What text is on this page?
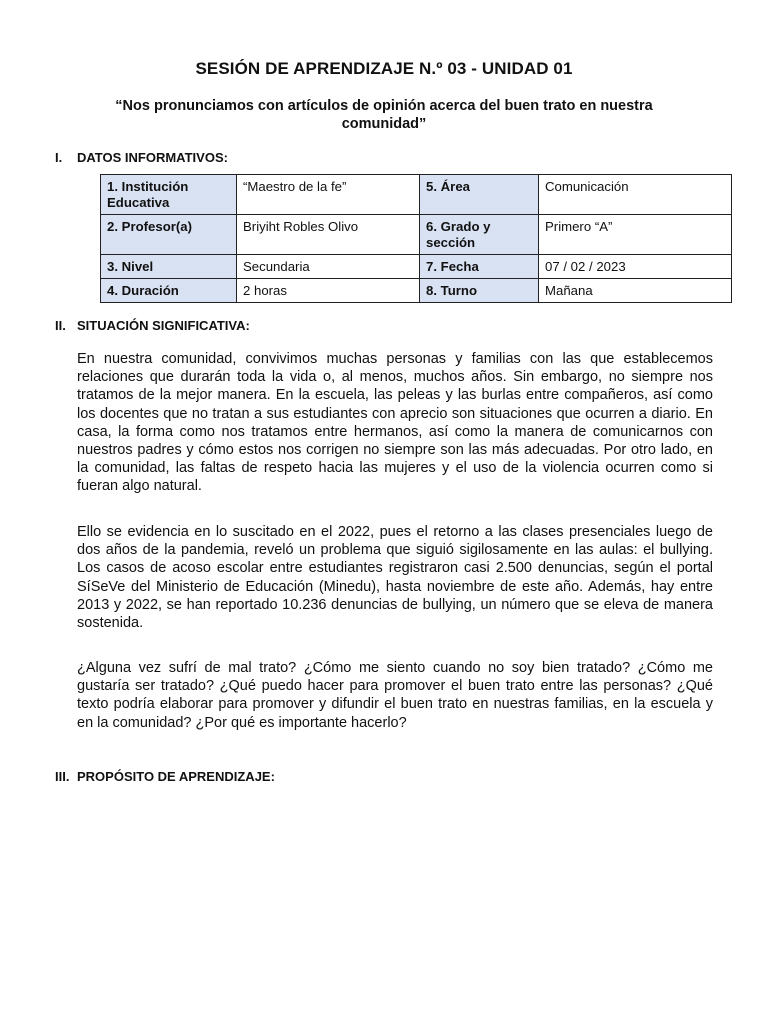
SESIÓN DE APRENDIZAJE N.º 03 - UNIDAD 01
“Nos pronunciamos con artículos de opinión acerca del buen trato en nuestra comunidad”
I. DATOS INFORMATIVOS:
1. Institución Educativa	“Maestro de la fe”	5. Área	Comunicación
2. Profesor(a)	Briyiht Robles Olivo	6. Grado y sección	Primero “A”
3. Nivel	Secundaria	7. Fecha	07 / 02 / 2023
4. Duración	2 horas	8. Turno	Mañana
II. SITUACIÓN SIGNIFICATIVA:
En nuestra comunidad, convivimos muchas personas y familias con las que establecemos relaciones que durarán toda la vida o, al menos, muchos años. Sin embargo, no siempre nos tratamos de la mejor manera. En la escuela, las peleas y las burlas entre compañeros, así como los docentes que no tratan a sus estudiantes con aprecio son situaciones que ocurren a diario. En casa, la forma como nos tratamos entre hermanos, así como la manera de comunicarnos con nuestros padres y cómo estos nos corrigen no siempre son las más adecuadas. Por otro lado, en la comunidad, las faltas de respeto hacia las mujeres y el uso de la violencia ocurren como si fueran algo natural.
Ello se evidencia en lo suscitado en el 2022, pues el retorno a las clases presenciales luego de dos años de la pandemia, reveló un problema que siguió sigilosamente en las aulas: el bullying. Los casos de acoso escolar entre estudiantes registraron casi 2.500 denuncias, según el portal SíSeVe del Ministerio de Educación (Minedu), hasta noviembre de este año. Además, hay entre 2013 y 2022, se han reportado 10.236 denuncias de bullying, un número que se eleva de manera sostenida.
¿Alguna vez sufrí de mal trato? ¿Cómo me siento cuando no soy bien tratado? ¿Cómo me gustaría ser tratado? ¿Qué puedo hacer para promover el buen trato entre las personas? ¿Qué texto podría elaborar para promover y difundir el buen trato en nuestras familias, en la escuela y en la comunidad? ¿Por qué es importante hacerlo?
III. PROPÓSITO DE APRENDIZAJE:
